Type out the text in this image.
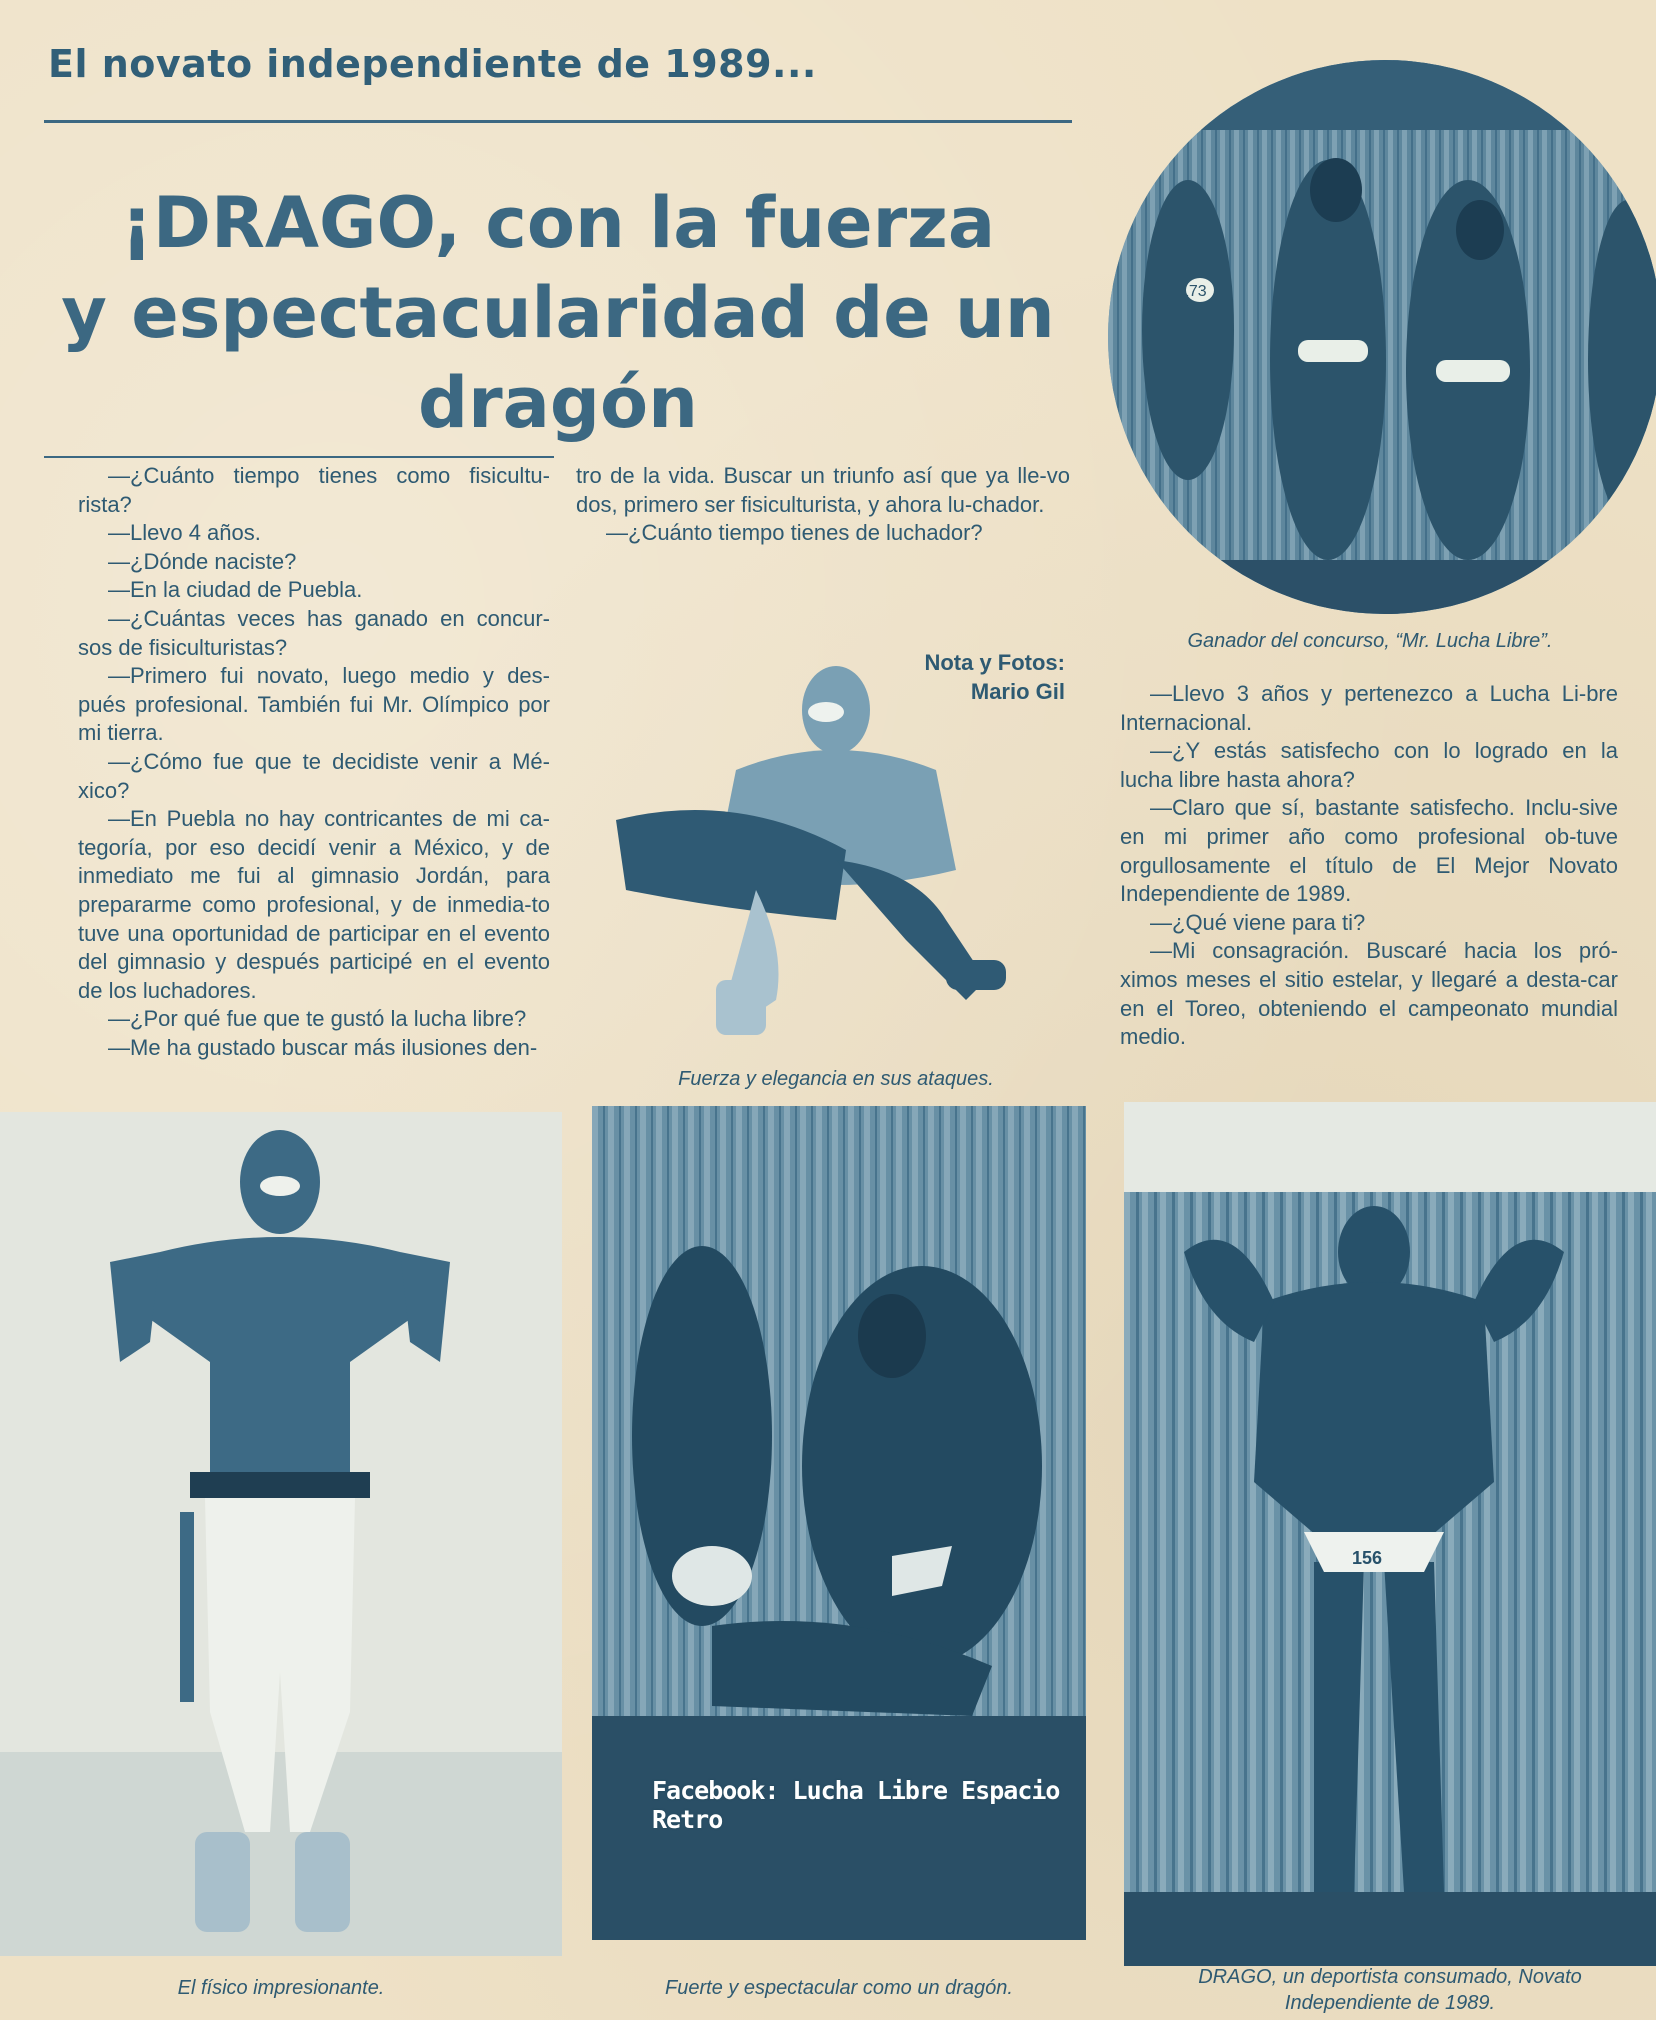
El novato independiente de 1989...
¡DRAGO, con la fuerza
y espectacularidad de un
dragón
173

—¿Cuánto tiempo tienes como fisicultu-rista?

—Llevo 4 años.

—¿Dónde naciste?

—En la ciudad de Puebla.

—¿Cuántas veces has ganado en concur-sos de fisiculturistas?

—Primero fui novato, luego medio y des-pués profesional. También fui Mr. Olímpico por mi tierra.

—¿Cómo fue que te decidiste venir a Mé-xico?

—En Puebla no hay contricantes de mi ca-tegoría, por eso decidí venir a México, y de inmediato me fui al gimnasio Jordán, para prepararme como profesional, y de inmedia-to tuve una oportunidad de participar en el evento del gimnasio y después participé en el evento de los luchadores.

—¿Por qué fue que te gustó la lucha libre?

—Me ha gustado buscar más ilusiones den-

tro de la vida. Buscar un triunfo así que ya lle-vo dos, primero ser fisiculturista, y ahora lu-chador.

—¿Cuánto tiempo tienes de luchador?

Nota y Fotos:
Mario Gil	—Llevo 3 años y pertenezco a Lucha Li-bre Internacional.

—¿Y estás satisfecho con lo logrado en la lucha libre hasta ahora?

—Claro que sí, bastante satisfecho. Inclu-sive en mi primer año como profesional ob-tuve orgullosamente el título de El Mejor Novato Independiente de 1989.

—¿Qué viene para ti?

—Mi consagración. Buscaré hacia los pró-ximos meses el sitio estelar, y llegaré a desta-car en el Toreo, obteniendo el campeonato mundial medio.

Ganador del concurso, “Mr. Lucha Libre”.
Fuerza y elegancia en sus ataques.
156
Facebook: Lucha Libre Espacio Retro
El físico impresionante.	Fuerte y espectacular como un dragón.	DRAGO, un deportista consumado, Novato
Independiente de 1989.
